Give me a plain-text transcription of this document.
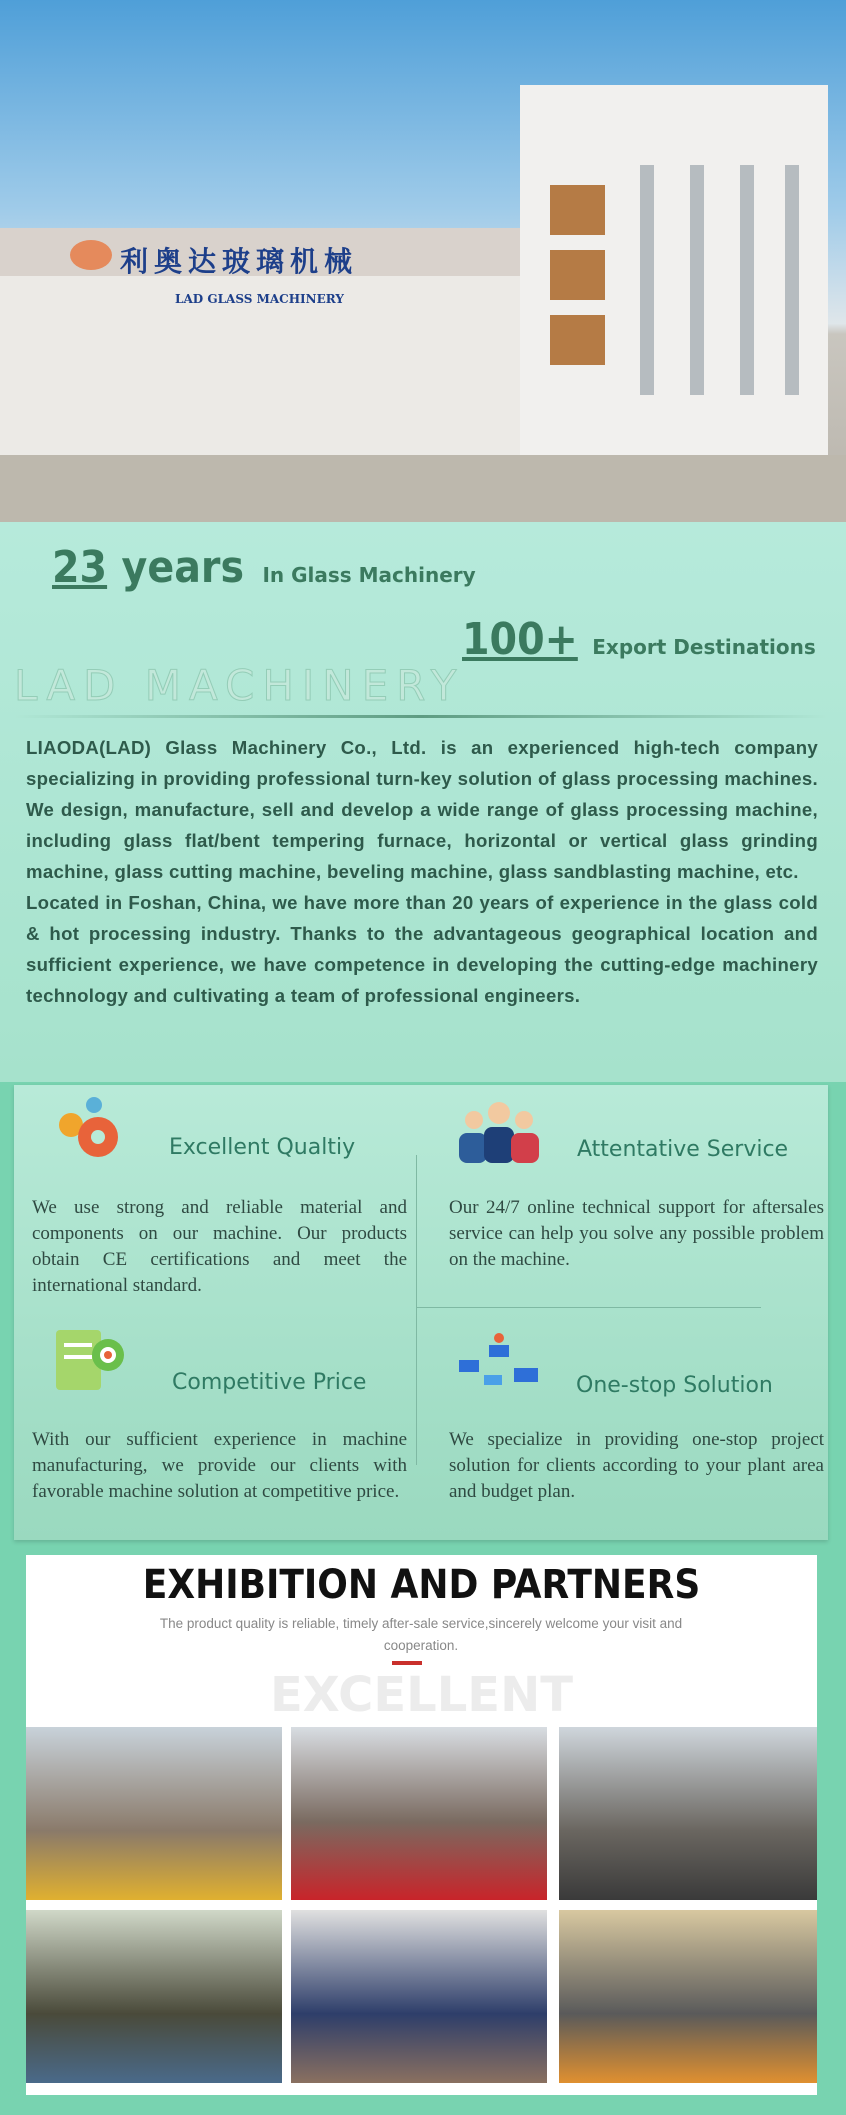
利奥达玻璃机械
LAD GLASS MACHINERY
23 years In Glass Machinery
100+ Export Destinations
LAD MACHINERY

LIAODA(LAD) Glass Machinery Co., Ltd. is an experienced high-tech company specializing in providing professional turn-key solution of glass processing machines. We design, manufacture, sell and develop a wide range of glass processing machine, including glass flat/bent tempering furnace, horizontal or vertical glass grinding machine, glass cutting machine, beveling machine, glass sandblasting machine, etc.

Located in Foshan, China, we have more than 20 years of experience in the glass cold & hot processing industry. Thanks to the advantageous geographical location and sufficient experience, we have competence in developing the cutting-edge machinery technology and cultivating a team of professional engineers.

Excellent Qualtiy
We use strong and reliable material and components on our machine. Our products obtain CE certifications and meet the international standard.
Attentative Service
Our 24/7 online technical support for aftersales service can help you solve any possible problem on the machine.
Competitive Price
With our sufficient experience in machine manufacturing, we provide our clients with favorable machine solution at competitive price.
One-stop Solution
We specialize in providing one-stop project solution for clients according to your plant area and budget plan.
EXHIBITION AND PARTNERS
The product quality is reliable, timely after-sale service,sincerely welcome your visit and cooperation.
EXCELLENT
